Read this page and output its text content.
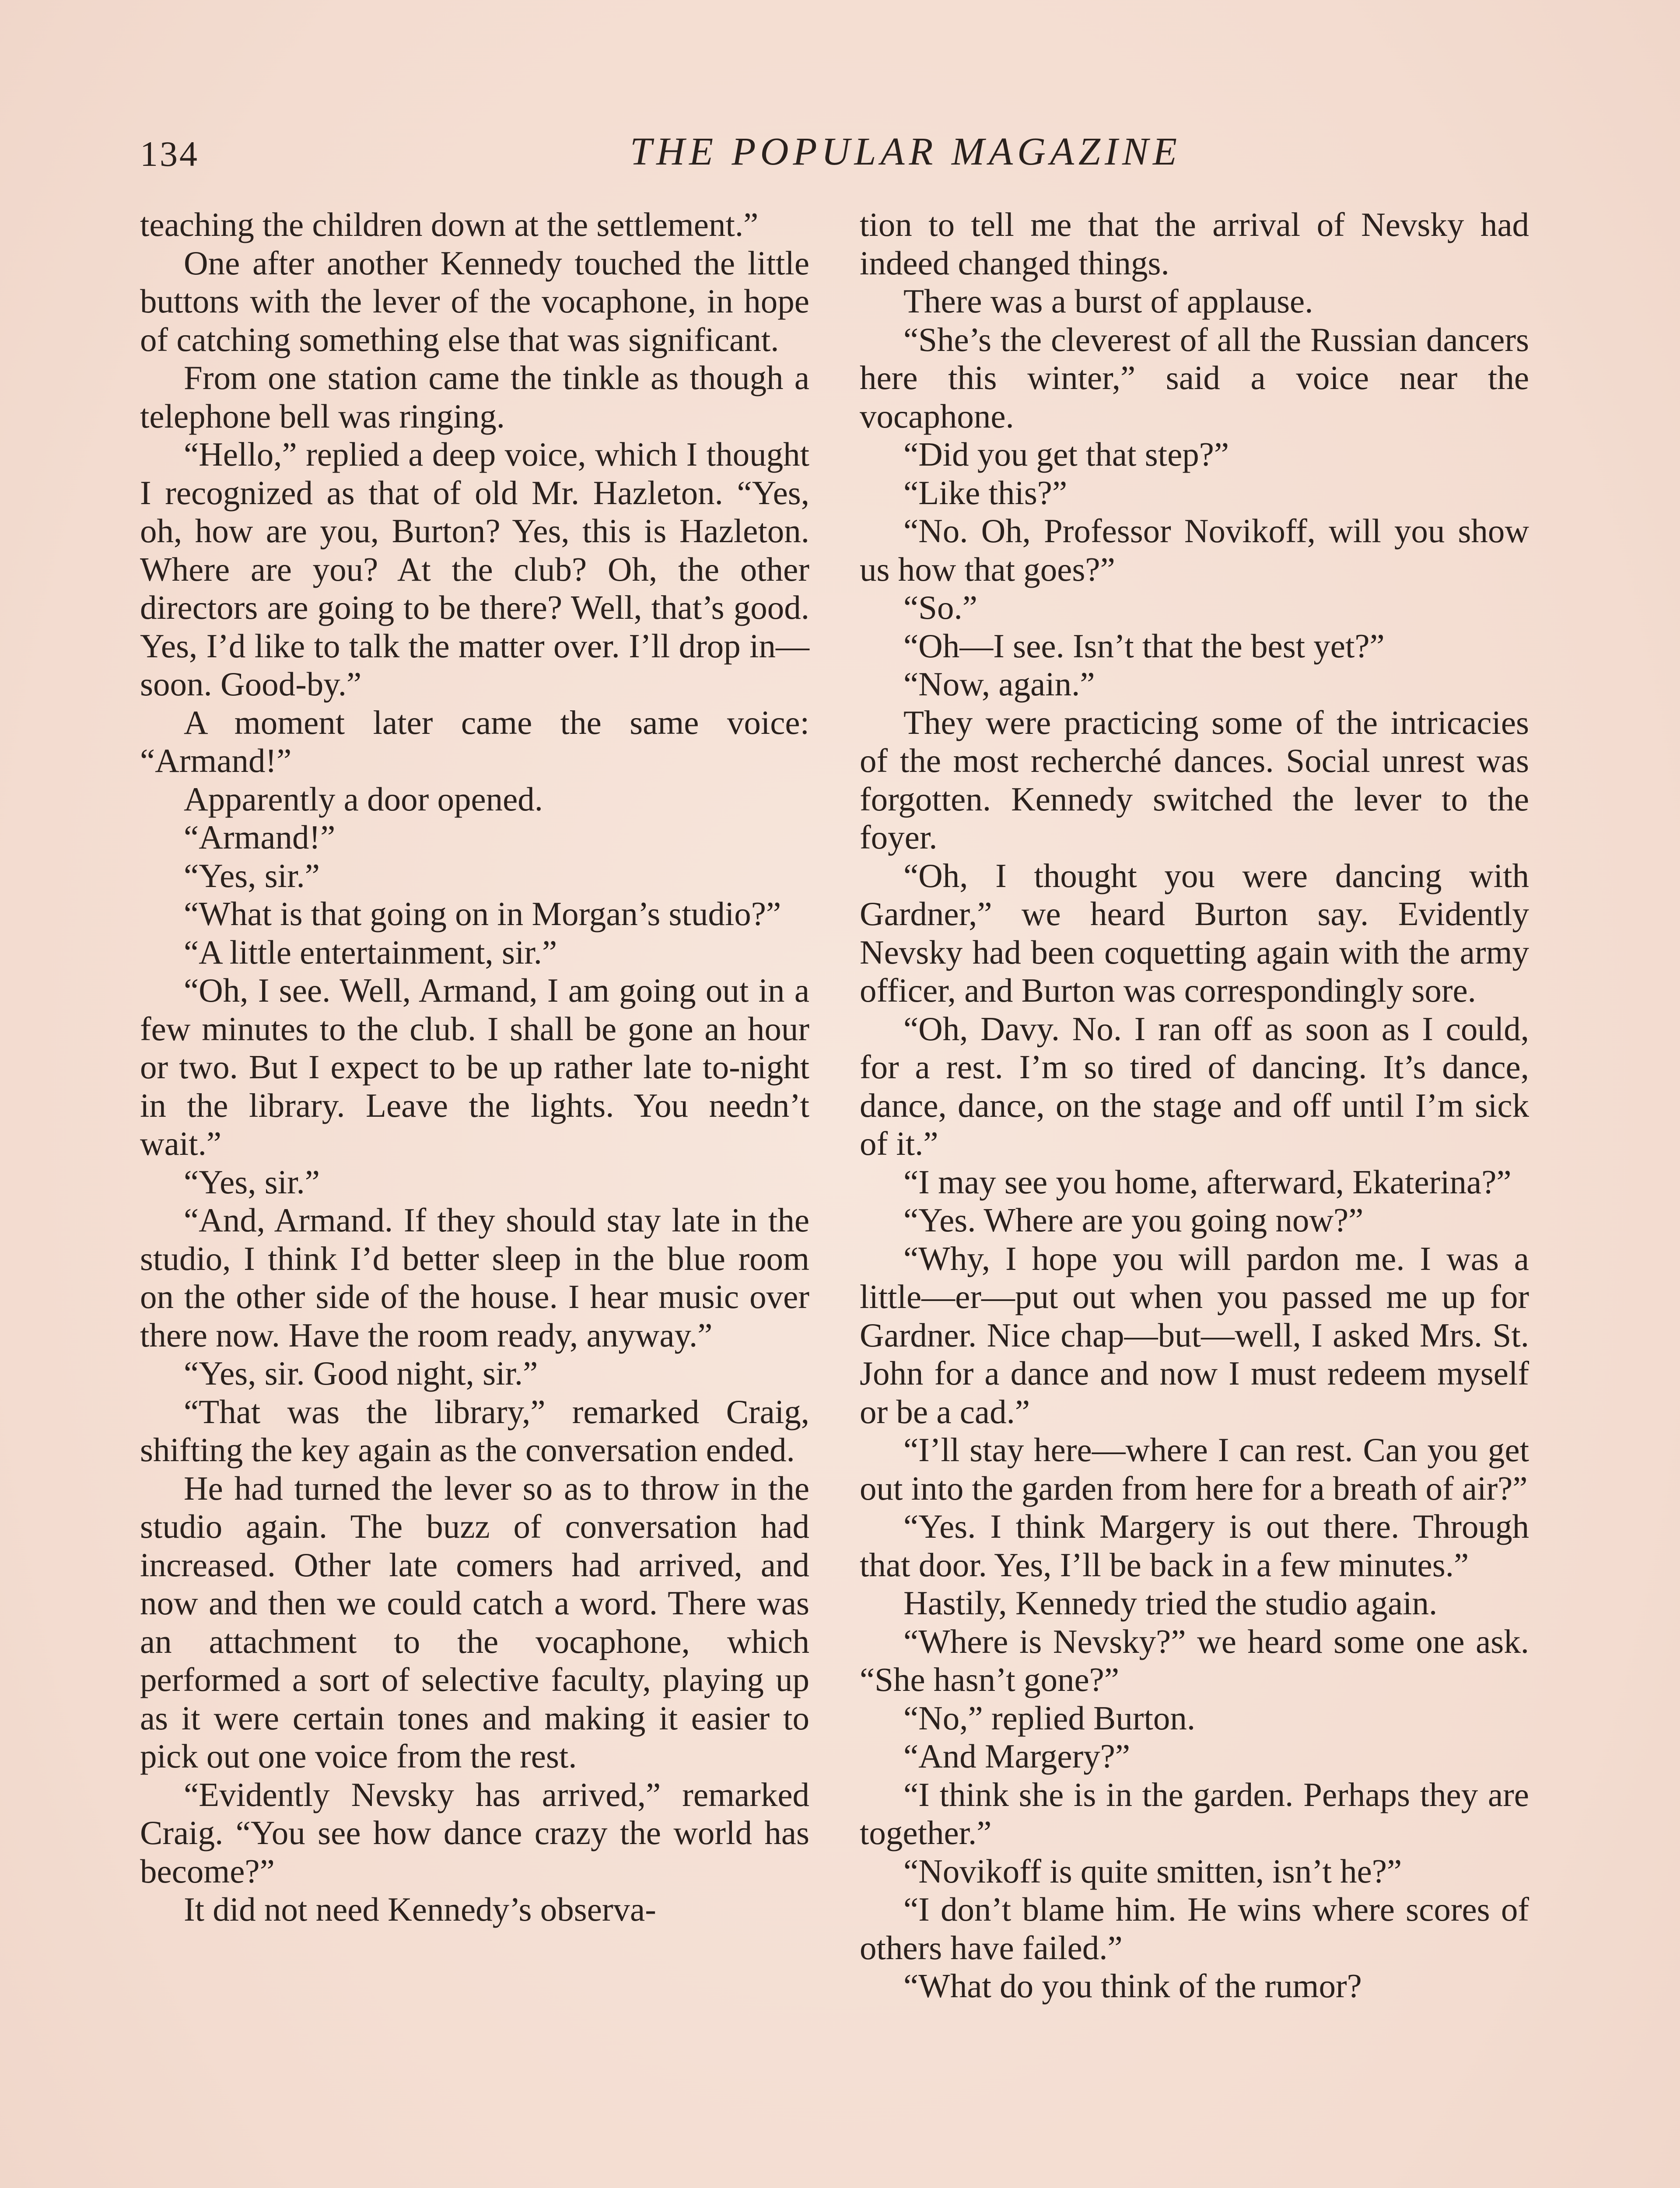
134	THE POPULAR MAGAZINE

teaching the children down at the settlement.”

One after another Kennedy touched the little buttons with the lever of the vocaphone, in hope of catching something else that was significant.

From one station came the tinkle as though a telephone bell was ringing.

“Hello,” replied a deep voice, which I thought I recognized as that of old Mr. Hazleton. “Yes, oh, how are you, Burton? Yes, this is Hazleton. Where are you? At the club? Oh, the other directors are going to be there? Well, that’s good. Yes, I’d like to talk the matter over. I’ll drop in—soon. Good-by.”

A moment later came the same voice: “Armand!”

Apparently a door opened.

“Armand!”

“Yes, sir.”

“What is that going on in Morgan’s studio?”

“A little entertainment, sir.”

“Oh, I see. Well, Armand, I am going out in a few minutes to the club. I shall be gone an hour or two. But I expect to be up rather late to-night in the library. Leave the lights. You needn’t wait.”

“Yes, sir.”

“And, Armand. If they should stay late in the studio, I think I’d better sleep in the blue room on the other side of the house. I hear music over there now. Have the room ready, anyway.”

“Yes, sir. Good night, sir.”

“That was the library,” remarked Craig, shifting the key again as the conversation ended.

He had turned the lever so as to throw in the studio again. The buzz of conversation had increased. Other late comers had arrived, and now and then we could catch a word. There was an attachment to the vocaphone, which performed a sort of selective faculty, playing up as it were certain tones and making it easier to pick out one voice from the rest.

“Evidently Nevsky has arrived,” remarked Craig. “You see how dance crazy the world has become?”

It did not need Kennedy’s observa-

tion to tell me that the arrival of Nevsky had indeed changed things.

There was a burst of applause.

“She’s the cleverest of all the Russian dancers here this winter,” said a voice near the vocaphone.

“Did you get that step?”

“Like this?”

“No. Oh, Professor Novikoff, will you show us how that goes?”

“So.”

“Oh—I see. Isn’t that the best yet?”

“Now, again.”

They were practicing some of the intricacies of the most recherché dances. Social unrest was forgotten. Kennedy switched the lever to the foyer.

“Oh, I thought you were dancing with Gardner,” we heard Burton say. Evidently Nevsky had been coquetting again with the army officer, and Burton was correspondingly sore.

“Oh, Davy. No. I ran off as soon as I could, for a rest. I’m so tired of dancing. It’s dance, dance, dance, on the stage and off until I’m sick of it.”

“I may see you home, afterward, Ekaterina?”

“Yes. Where are you going now?”

“Why, I hope you will pardon me. I was a little—er—put out when you passed me up for Gardner. Nice chap—but—well, I asked Mrs. St. John for a dance and now I must redeem myself or be a cad.”

“I’ll stay here—where I can rest. Can you get out into the garden from here for a breath of air?”

“Yes. I think Margery is out there. Through that door. Yes, I’ll be back in a few minutes.”

Hastily, Kennedy tried the studio again.

“Where is Nevsky?” we heard some one ask. “She hasn’t gone?”

“No,” replied Burton.

“And Margery?”

“I think she is in the garden. Perhaps they are together.”

“Novikoff is quite smitten, isn’t he?”

“I don’t blame him. He wins where scores of others have failed.”

“What do you think of the rumor?
